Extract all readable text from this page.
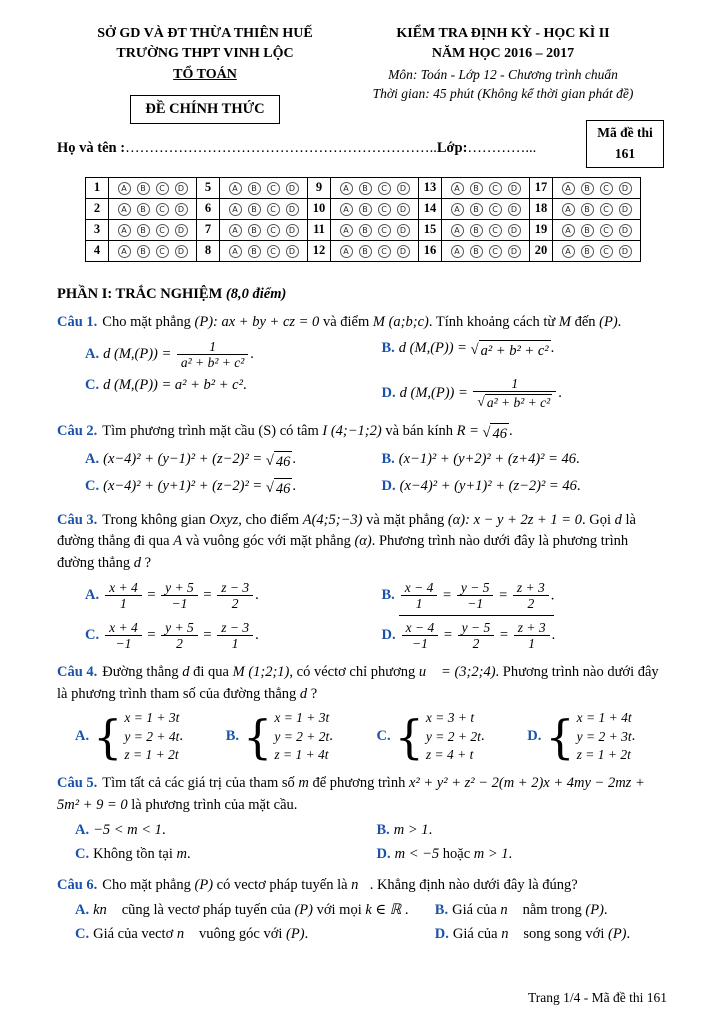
SỞ GD VÀ ĐT THỪA THIÊN HUẾ
TRƯỜNG THPT VINH LỘC
TỔ TOÁN
ĐỀ CHÍNH THỨC
KIỂM TRA ĐỊNH KỲ - HỌC KÌ II
NĂM HỌC 2016 – 2017
Môn: Toán - Lớp 12 - Chương trình chuẩn
Thời gian: 45 phút (Không kể thời gian phát đề)
Mã đề thi
161
Họ và tên :………………………………………………………..Lớp:…………...
1	A B C D	5	A B C D	9	A B C D	13	A B C D	17	A B C D
2	A B C D	6	A B C D	10	A B C D	14	A B C D	18	A B C D
3	A B C D	7	A B C D	11	A B C D	15	A B C D	19	A B C D
4	A B C D	8	A B C D	12	A B C D	16	A B C D	20	A B C D
PHẦN I: TRẮC NGHIỆM (8,0 điểm)
Câu 1. Cho mặt phẳng (P): ax + by + cz = 0 và điểm M (a;b;c). Tính khoảng cách từ M đến (P).
A. d $(M,(P)) = \frac{1}{\text{a² + b² + c²}}$ .	B. d (M,(P)) = √ a² + b² + c² .
C. d (M,(P)) = a² + b² + c².	D. d $(M,(P)) = \frac{1}{\text{√ a² + b² + c²}}$ .
Câu 2. Tìm phương trình mặt cầu (S) có tâm I (4;−1;2) và bán kính R = √ 46 .
A. (x−4)² + (y−1)² + (z−2)² = √ 46 .	B. (x−1)² + (y+2)² + (z+4)² = 46.
C. (x−4)² + (y+1)² + (z−2)² = √ 46 .	D. (x−4)² + (y+1)² + (z−2)² = 46.
Câu 3. Trong không gian Oxyz, cho điểm A(4;5;−3) và mặt phẳng (α): x − y + 2z + 1 = 0. Gọi d là đường thẳng đi qua A và vuông góc với mặt phẳng (α). Phương trình nào dưới đây là phương trình đường thẳng d ?
A. $\frac{x + 4}{1} = \frac{y + 5}{-1} = \frac{z - 3}{2}$ .	B. $\frac{x - 4}{1} = \frac{y - 5}{-1} = \frac{z + 3}{2}$ .
C. $\frac{x + 4}{-1} = \frac{y + 5}{2} = \frac{z - 3}{1}$ .	D. $\frac{x - 4}{-1} = \frac{y - 5}{2} = \frac{z + 3}{1}$ .
Câu 4. Đường thẳng d đi qua M (1;2;1), có véctơ chỉ phương u⃗ = (3;2;4). Phương trình nào dưới đây là phương trình tham số của đường thẳng d ?
A. { x = 1 + 3t
y = 2 + 4t
z = 1 + 2t
.	B. { x = 1 + 3t
y = 2 + 2t
z = 1 + 4t
.	C. { x = 3 + t
y = 2 + 2t
z = 4 + t
.	D. { x = 1 + 4t
y = 2 + 3t
z = 1 + 2t
.
Câu 5. Tìm tất cả các giá trị của tham số m để phương trình x² + y² + z² − 2(m + 2)x + 4my − 2mz + 5m² + 9 = 0 là phương trình của mặt cầu.
A. −5 < m < 1.	B. m > 1.
C. Không tồn tại m.	D. m < −5 hoặc m > 1.
Câu 6. Cho mặt phẳng (P) có vectơ pháp tuyến là n⃗. Khẳng định nào dưới đây là đúng?
A. kn⃗ cũng là vectơ pháp tuyến của (P) với mọi k ∈ ℝ .	B. Giá của n⃗ nằm trong (P).
C. Giá của vectơ n⃗ vuông góc với (P).	D. Giá của n⃗ song song với (P).
Trang 1/4 - Mã đề thi 161
